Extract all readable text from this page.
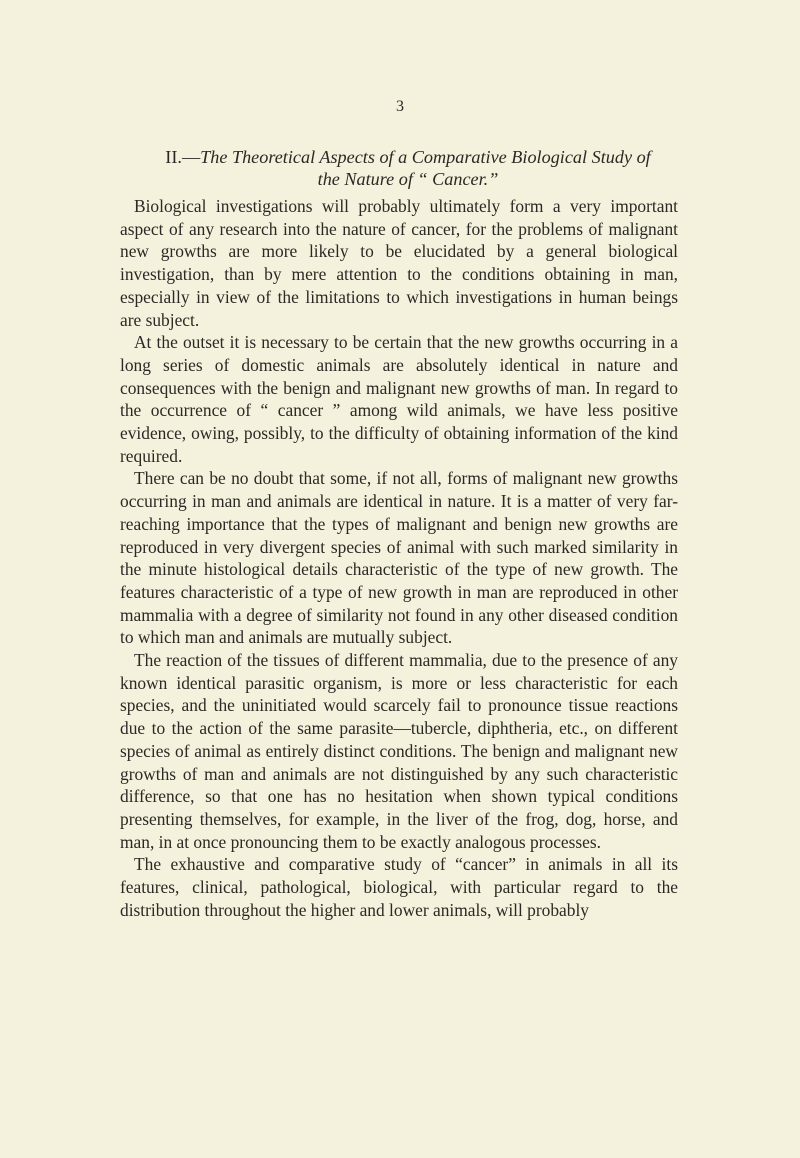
3
II.—The Theoretical Aspects of a Comparative Biological Study of
the Nature of “ Cancer.”

Biological investigations will probably ultimately form a very important aspect of any research into the nature of cancer, for the problems of malignant new growths are more likely to be elucidated by a general biological investigation, than by mere attention to the conditions obtaining in man, especially in view of the limitations to which investigations in human beings are subject.

At the outset it is necessary to be certain that the new growths occurring in a long series of domestic animals are absolutely identical in nature and consequences with the benign and malignant new growths of man. In regard to the occurrence of “ cancer ” among wild animals, we have less positive evidence, owing, possibly, to the difficulty of obtaining information of the kind required.

There can be no doubt that some, if not all, forms of malignant new growths occurring in man and animals are identical in nature. It is a matter of very far-reaching importance that the types of malignant and benign new growths are reproduced in very divergent species of animal with such marked similarity in the minute histological details characteristic of the type of new growth. The features characteristic of a type of new growth in man are reproduced in other mammalia with a degree of similarity not found in any other diseased condition to which man and animals are mutually subject.

The reaction of the tissues of different mammalia, due to the presence of any known identical parasitic organism, is more or less characteristic for each species, and the uninitiated would scarcely fail to pronounce tissue reactions due to the action of the same parasite—tubercle, diphtheria, etc., on different species of animal as entirely distinct conditions. The benign and malignant new growths of man and animals are not distinguished by any such characteristic difference, so that one has no hesitation when shown typical conditions presenting themselves, for example, in the liver of the frog, dog, horse, and man, in at once pronouncing them to be exactly analogous processes.

The exhaustive and comparative study of “cancer” in animals in all its features, clinical, pathological, biological, with particular regard to the distribution throughout the higher and lower animals, will probably
